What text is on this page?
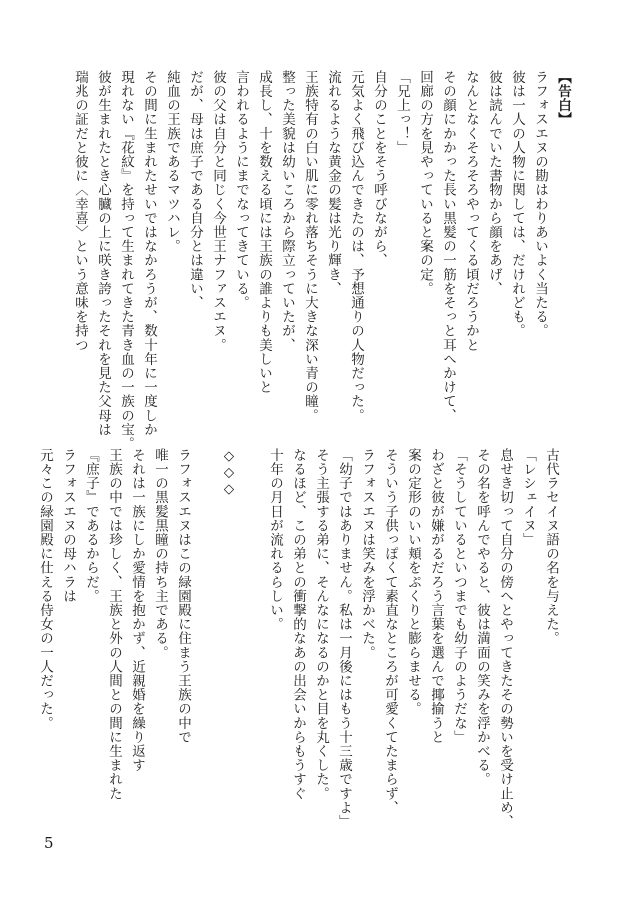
【告白】
ラフォスエヌの勘はわりあいよく当たる。
彼は一人の人物に関しては、だけれども。
彼は読んでいた書物から顔をあげ、
なんとなくそろそろやってくる頃だろうかと
その顔にかかった長い黒髪の一筋をそっと耳へかけて、
回廊の方を見やっていると案の定。
「兄上っ！」
自分のことをそう呼びながら、
元気よく飛び込んできたのは、予想通りの人物だった。
流れるような黄金の髪は光り輝き、
王族特有の白い肌に零れ落ちそうに大きな深い青の瞳。
整った美貌は幼いころから際立っていたが、
成長し、十を数える頃には王族の誰よりも美しいと
言われるようにまでなってきている。
彼の父は自分と同じく今世王ナファスエヌ。
だが、母は庶子である自分とは違い、
純血の王族であるマツハレ。
その間に生まれたせいではなかろうが、数十年に一度しか
現れない『花紋』を持って生まれてきた青き血の一族の宝。
彼が生まれたとき心臓の上に咲き誇ったそれを見た父母は
瑞兆の証だと彼に〈幸喜〉という意味を持つ
古代ラセイヌ語の名を与えた。
「レシェイヌ」
息せき切って自分の傍へとやってきたその勢いを受け止め、
その名を呼んでやると、彼は満面の笑みを浮かべる。
「そうしているといつまでも幼子のようだな」
わざと彼が嫌がるだろう言葉を選んで揶揄うと
案の定形のいい頬をぷくりと膨らませる。
そういう子供っぽくて素直なところが可愛くてたまらず、
ラフォスエヌは笑みを浮かべた。
「幼子ではありません。私は一月後にはもう十三歳ですよ」
そう主張する弟に、そんなになるのかと目を丸くした。
なるほど、この弟との衝撃的なあの出会いからもうすぐ
十年の月日が流れるらしい。

◇◇◇

ラフォスエヌはこの緑園殿に住まう王族の中で
唯一の黒髪黒瞳の持ち主である。
それは一族にしか愛情を抱かず、近親婚を繰り返す
王族の中では珍しく、王族と外の人間との間に生まれた
『庶子』であるからだ。
ラフォスエヌの母ハラは
元々この緑園殿に仕える侍女の一人だった。
5
